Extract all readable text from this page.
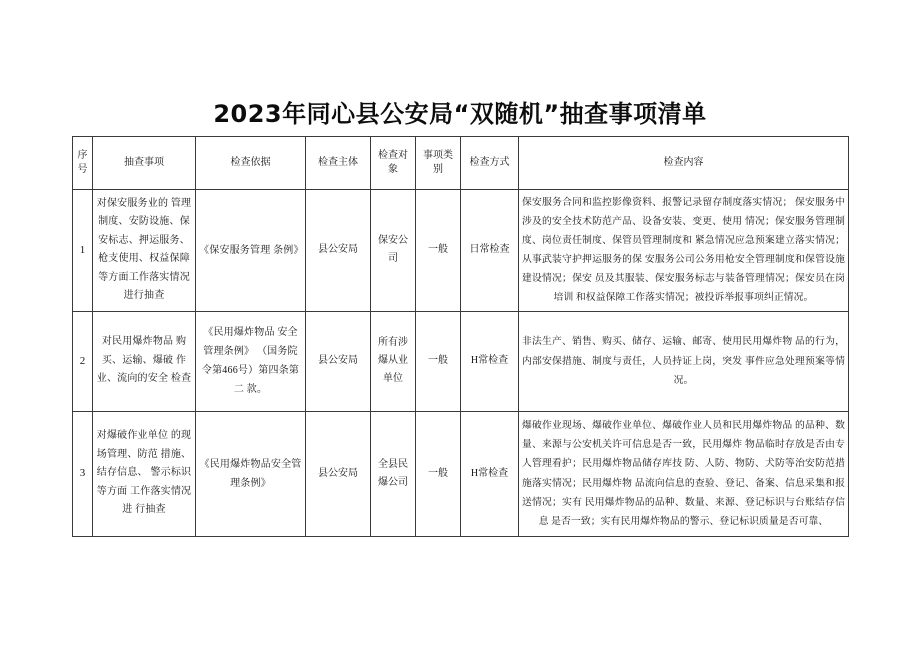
2023年同心县公安局“双随机”抽查事项清单
序号	抽查事项	检查依据	检查主体	检查对象	事项类别	检查方式	检查内容
1	对保安服务业的 管理制度、安防设施、保安标志、押运服务、枪支使用、权益保障等方面工作落实情况 进行抽查	《保安服务管理 条例》	县公安局	保安公司	一般	日常检查	保安服务合同和监控影像资料、报警记录留存制度落实情况； 保安服务中涉及的安全技术防范产品、设备安装、变更、使用 情况；保安服务管理制度、岗位责任制度、保管员管理制度和 紧急情况应急预案建立落实情况；从事武装守护押运服务的保 安服务公司公务用枪安全管理制度和保管设施建设情况；保安 员及其服装、保安服务标志与装备管理情况；保安员在岗培训 和权益保障工作落实情况；被投诉举报事项纠正情况。
2	对民用爆炸物品 购买、运输、爆破 作业、流向的安全 检查	《民用爆炸物品 安全管理条例》 （国务院令第466号）第四条第二 款。	县公安局	所有涉爆从业单位	一般	H常检查	非法生产、销售、购买、储存、运输、邮寄、使用民用爆炸物 品的行为，内部安保措施、制度与责任，人员持证上岗，突发 事件应急处理预案等情况。
3	对爆破作业单位 的现场管理、防范 措施、结存信息、 警示标识等方面 工作落实情况进 行抽查	《民用爆炸物品安全管理条例》	县公安局	全县民爆公司	一般	H常检查	爆破作业现场、爆破作业单位、爆破作业人员和民用爆炸物品 的品种、数量、来源与公安机关许可信息是否一致，民用爆炸 物品临时存放是否由专人管理看护；民用爆炸物品储存库技 防、人防、物防、犬防等治安防范措施落实情况；民用爆炸物 品流向信息的查验、登记、备案、信息采集和报送情况；实有 民用爆炸物品的品种、数量、来源、登记标识与台账结存信息 是否一致；实有民用爆炸物品的警示、登记标识质量是否可靠、
